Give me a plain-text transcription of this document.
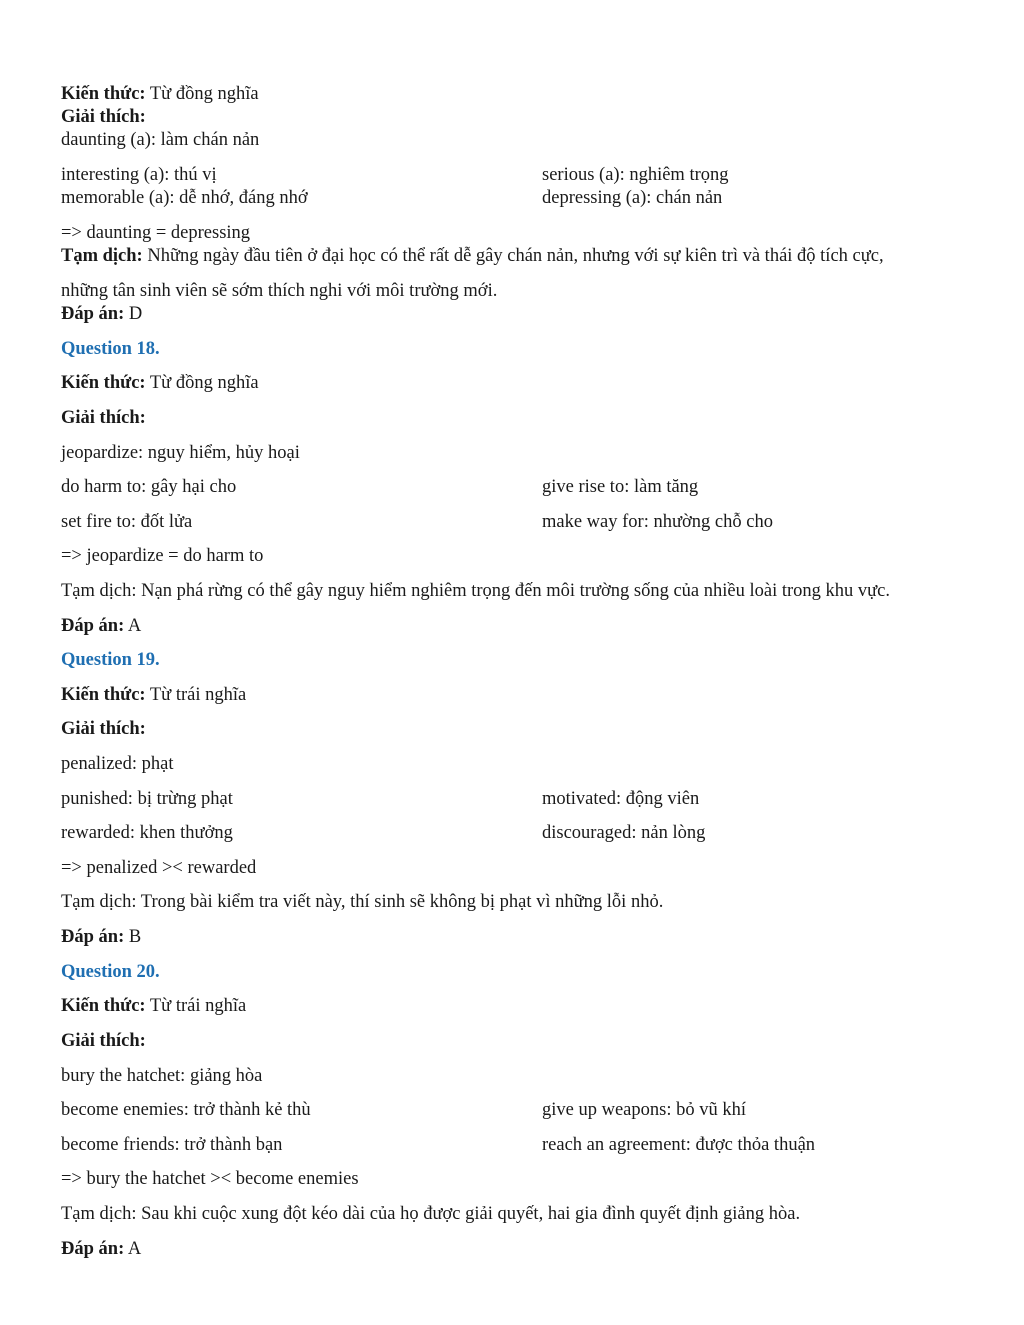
Kiến thức: Từ đồng nghĩa
Giải thích:
daunting (a): làm chán nản
interesting (a): thú vị	serious (a): nghiêm trọng
memorable (a): dễ nhớ, đáng nhớ	depressing (a): chán nản
=> daunting = depressing
Tạm dịch: Những ngày đầu tiên ở đại học có thể rất dễ gây chán nản, nhưng với sự kiên trì và thái độ tích cực,
những tân sinh viên sẽ sớm thích nghi với môi trường mới.
Đáp án: D
Question 18.
Kiến thức: Từ đồng nghĩa
Giải thích:
jeopardize: nguy hiểm, hủy hoại
do harm to: gây hại cho	give rise to: làm tăng
set fire to: đốt lửa	make way for: nhường chỗ cho
=> jeopardize = do harm to
Tạm dịch: Nạn phá rừng có thể gây nguy hiểm nghiêm trọng đến môi trường sống của nhiều loài trong khu vực.
Đáp án: A
Question 19.
Kiến thức: Từ trái nghĩa
Giải thích:
penalized: phạt
punished: bị trừng phạt	motivated: động viên
rewarded: khen thưởng	discouraged: nản lòng
=> penalized >< rewarded
Tạm dịch: Trong bài kiểm tra viết này, thí sinh sẽ không bị phạt vì những lỗi nhỏ.
Đáp án: B
Question 20.
Kiến thức: Từ trái nghĩa
Giải thích:
bury the hatchet: giảng hòa
become enemies: trở thành kẻ thù	give up weapons: bỏ vũ khí
become friends: trở thành bạn	reach an agreement: được thỏa thuận
=> bury the hatchet >< become enemies
Tạm dịch: Sau khi cuộc xung đột kéo dài của họ được giải quyết, hai gia đình quyết định giảng hòa.
Đáp án: A
